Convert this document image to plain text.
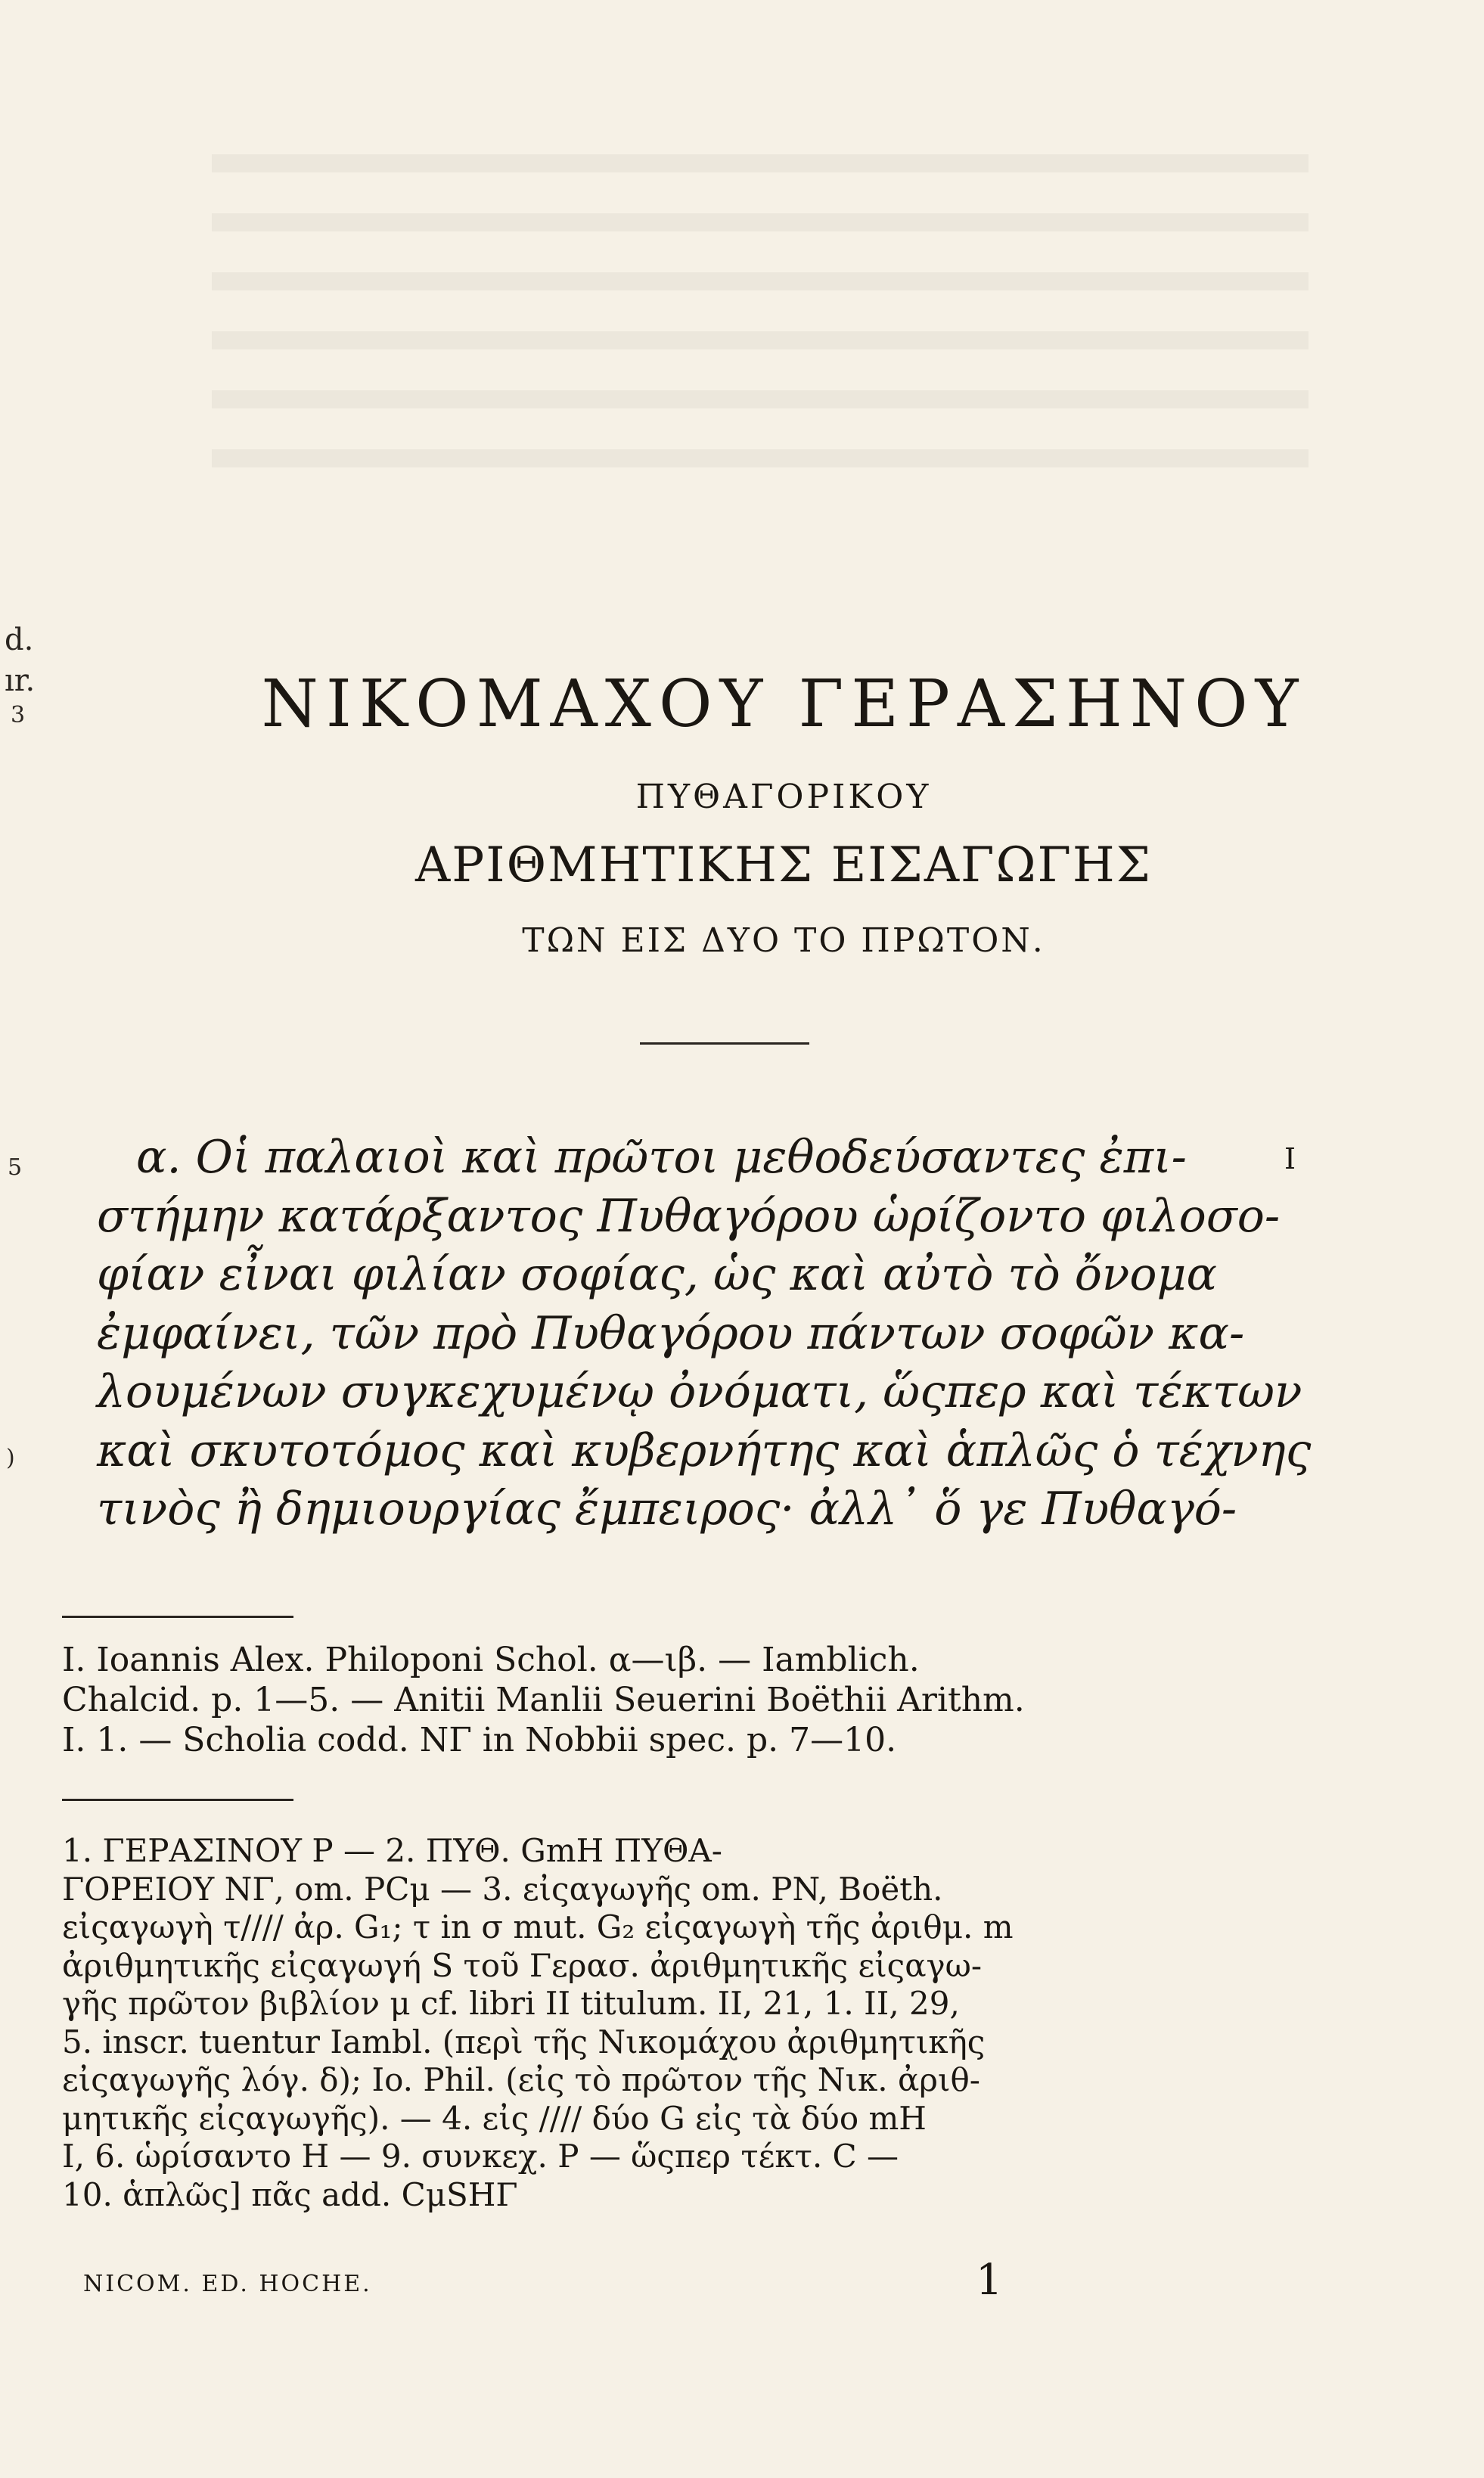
d.
ır.
3
5
)
ΝΙΚΟΜΑΧΟΥ ΓΕΡΑΣΗΝΟΥ
ΠΥΘΑΓΟΡΙΚΟΥ
ΑΡΙΘΜΗΤΙΚΗΣ ΕΙΣΑΓΩΓΗΣ
ΤΩΝ ΕΙΣ ΔΥΟ ΤΟ ΠΡΩΤΟΝ.
α. Οἱ παλαιοὶ καὶ πρῶτοι μεθοδεύσαντες ἐπι-
στήμην κατάρξαντος Πυθαγόρου ὡρίζοντο φιλοσο-
φίαν εἶναι φιλίαν σοφίας, ὡς καὶ αὐτὸ τὸ ὄνομα
ἐμφαίνει, τῶν πρὸ Πυθαγόρου πάντων σοφῶν κα-
λουμένων συγκεχυμένῳ ὀνόματι, ὥςπερ καὶ τέκτων
καὶ σκυτοτόμος καὶ κυβερνήτης καὶ ἁπλῶς ὁ τέχνης
τινὸς ἢ δημιουργίας ἔμπειρος· ἀλλ᾽ ὅ γε Πυθαγό-
I
I. Ioannis Alex. Philoponi Schol. α—ιβ. — Iamblich.
Chalcid. p. 1—5. — Anitii Manlii Seuerini Boëthii Arithm.
I. 1. — Scholia codd. ΝΓ in Nobbii spec. p. 7—10.
1. ΓΕΡΑΣΙΝΟΥ P — 2. ΠΥΘ. GmH ΠΥΘΑ-
ΓΟΡΕΙΟΥ ΝΓ, om. PCμ — 3. εἰςαγωγῆς om. PN, Boëth.
εἰςαγωγὴ τ//// ἀρ. G₁; τ in σ mut. G₂ εἰςαγωγὴ τῆς ἀριθμ. m
ἀριθμητικῆς εἰςαγωγή S τοῦ Γερασ. ἀριθμητικῆς εἰςαγω-
γῆς πρῶτον βιβλίον μ cf. libri II titulum. II, 21, 1. II, 29,
5. inscr. tuentur Iambl. (περὶ τῆς Νικομάχου ἀριθμητικῆς
εἰςαγωγῆς λόγ. δ); Io. Phil. (εἰς τὸ πρῶτον τῆς Νικ. ἀριθ-
μητικῆς εἰςαγωγῆς). — 4. εἰς //// δύο G εἰς τὰ δύο mH
I, 6. ὡρίσαντο H — 9. συνκεχ. P — ὥςπερ τέκτ. C —
10. ἁπλῶς] πᾶς add. CμSHΓ
NICOM. ED. HOCHE.	1
